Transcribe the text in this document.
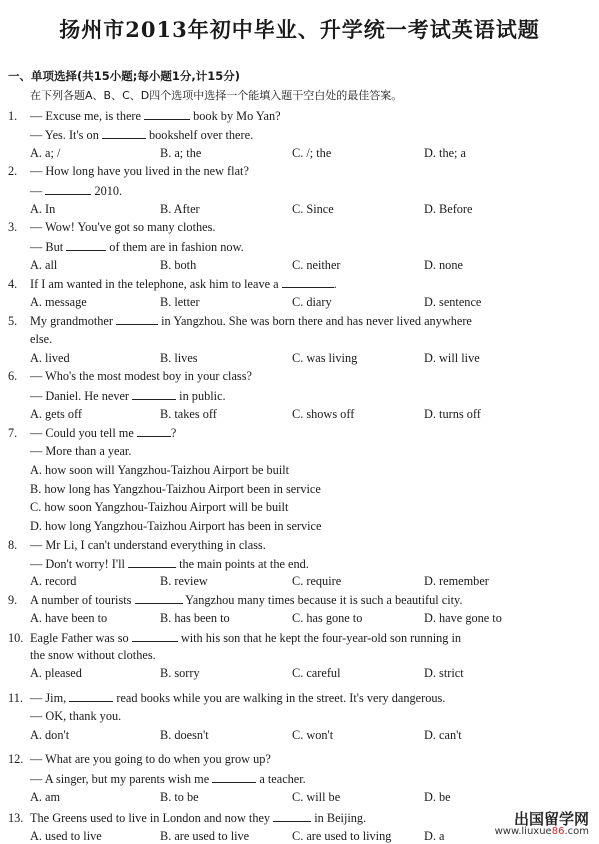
扬州市2013年初中毕业、升学统一考试英语试题
一、单项选择(共15小题;每小题1分,计15分)
在下列各题A、B、C、D四个选项中选择一个能填入题干空白处的最佳答案。
1. — Excuse me, is there	book by Mo Yan?
— Yes. It's on	bookshelf over there.
A. a; /	B. a; the	C. /; the	D. the; a
2. — How long have you lived in the new flat?
—	2010.
A. In	B. After	C. Since	D. Before
3. — Wow! You've got so many clothes.
— But	of them are in fashion now.
A. all	B. both	C. neither	D. none
4. If I am wanted in the telephone, ask him to leave a	.
A. message	B. letter	C. diary	D. sentence
5. My grandmother	in Yangzhou. She was born there and has never lived anywhere
else.
A. lived	B. lives	C. was living	D. will live
6. — Who's the most modest boy in your class?
— Daniel. He never	in public.
A. gets off	B. takes off	C. shows off	D. turns off
7. — Could you tell me	?
— More than a year.
A. how soon will Yangzhou-Taizhou Airport be built
B. how long has Yangzhou-Taizhou Airport been in service
C. how soon Yangzhou-Taizhou Airport will be built
D. how long Yangzhou-Taizhou Airport has been in service
8. — Mr Li, I can't understand everything in class.
— Don't worry! I'll	the main points at the end.
A. record	B. review	C. require	D. remember
9. A number of tourists	Yangzhou many times because it is such a beautiful city.
A. have been to	B. has been to	C. has gone to	D. have gone to
10. Eagle Father was so	with his son that he kept the four-year-old son running in
the snow without clothes.
A. pleased	B. sorry	C. careful	D. strict
11. — Jim,	read books while you are walking in the street. It's very dangerous.
— OK, thank you.
A. don't	B. doesn't	C. won't	D. can't
12. — What are you going to do when you grow up?
— A singer, but my parents wish me	a teacher.
A. am	B. to be	C. will be	D. be
13. The Greens used to live in London and now they	in Beijing.
A. used to live	B. are used to live	C. are used to living	D. a
出国留学网
www.liuxue86.com
